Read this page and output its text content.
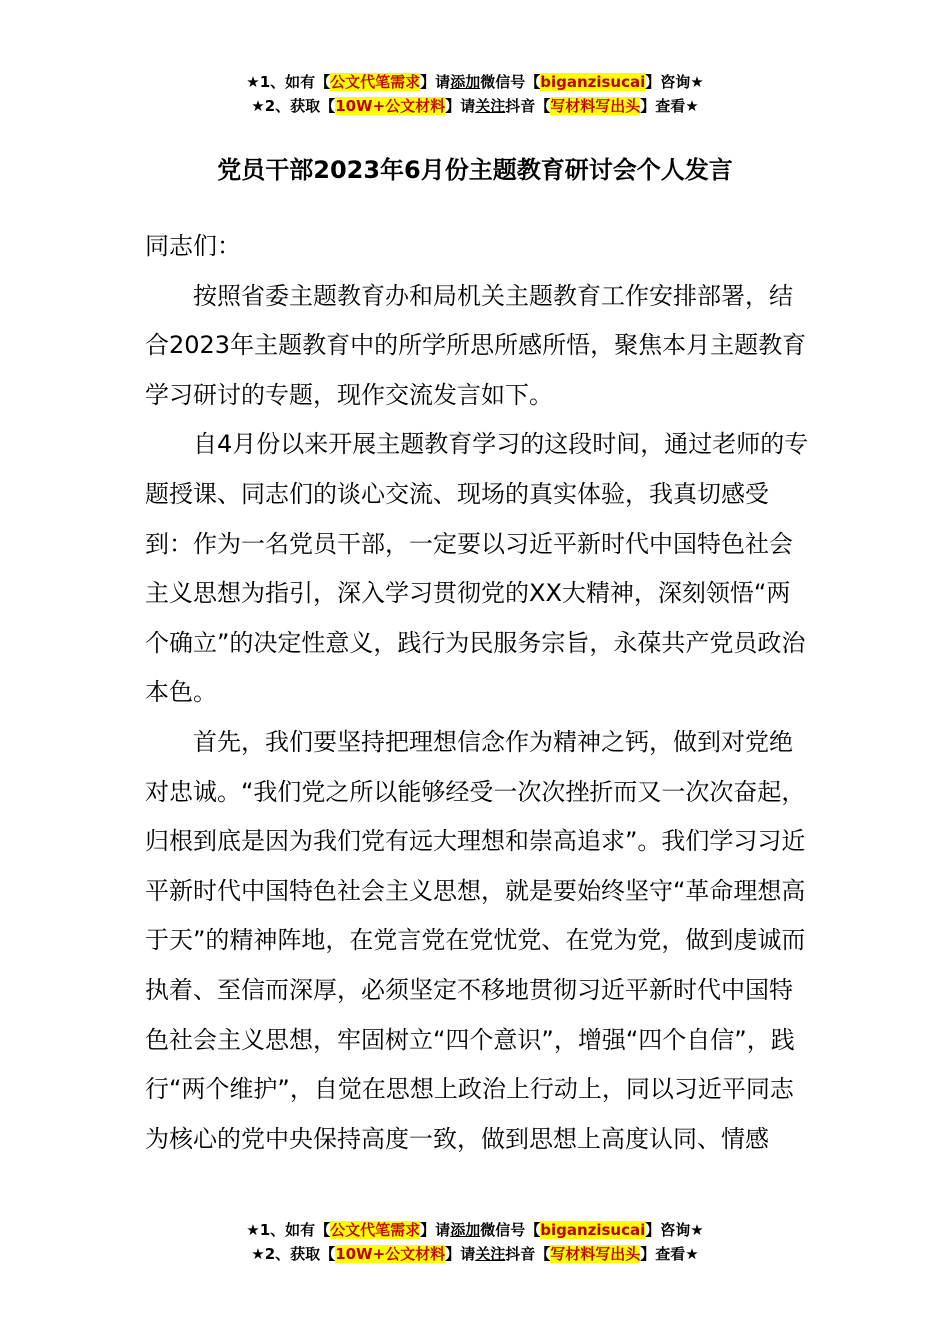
★1、如有【公文代笔需求】请添加微信号【biganzisucai】咨询★
★2、获取【10W+公文材料】请关注抖音【写材料写出头】查看★
党员干部2023年6月份主题教育研讨会个人发言

同志们：

按照省委主题教育办和局机关主题教育工作安排部署，结合2023年主题教育中的所学所思所感所悟，聚焦本月主题教育学习研讨的专题，现作交流发言如下。

自4月份以来开展主题教育学习的这段时间，通过老师的专题授课、同志们的谈心交流、现场的真实体验，我真切感受到：作为一名党员干部，一定要以习近平新时代中国特色社会主义思想为指引，深入学习贯彻党的XX大精神，深刻领悟“两个确立”的决定性意义，践行为民服务宗旨，永葆共产党员政治本色。

首先，我们要坚持把理想信念作为精神之钙，做到对党绝对忠诚。“我们党之所以能够经受一次次挫折而又一次次奋起，归根到底是因为我们党有远大理想和崇高追求”。我们学习习近平新时代中国特色社会主义思想，就是要始终坚守“革命理想高于天”的精神阵地，在党言党在党忧党、在党为党，做到虔诚而执着、至信而深厚，必须坚定不移地贯彻习近平新时代中国特色社会主义思想，牢固树立“四个意识”，增强“四个自信”，践行“两个维护”，自觉在思想上政治上行动上，同以习近平同志为核心的党中央保持高度一致，做到思想上高度认同、情感

★1、如有【公文代笔需求】请添加微信号【biganzisucai】咨询★
★2、获取【10W+公文材料】请关注抖音【写材料写出头】查看★
